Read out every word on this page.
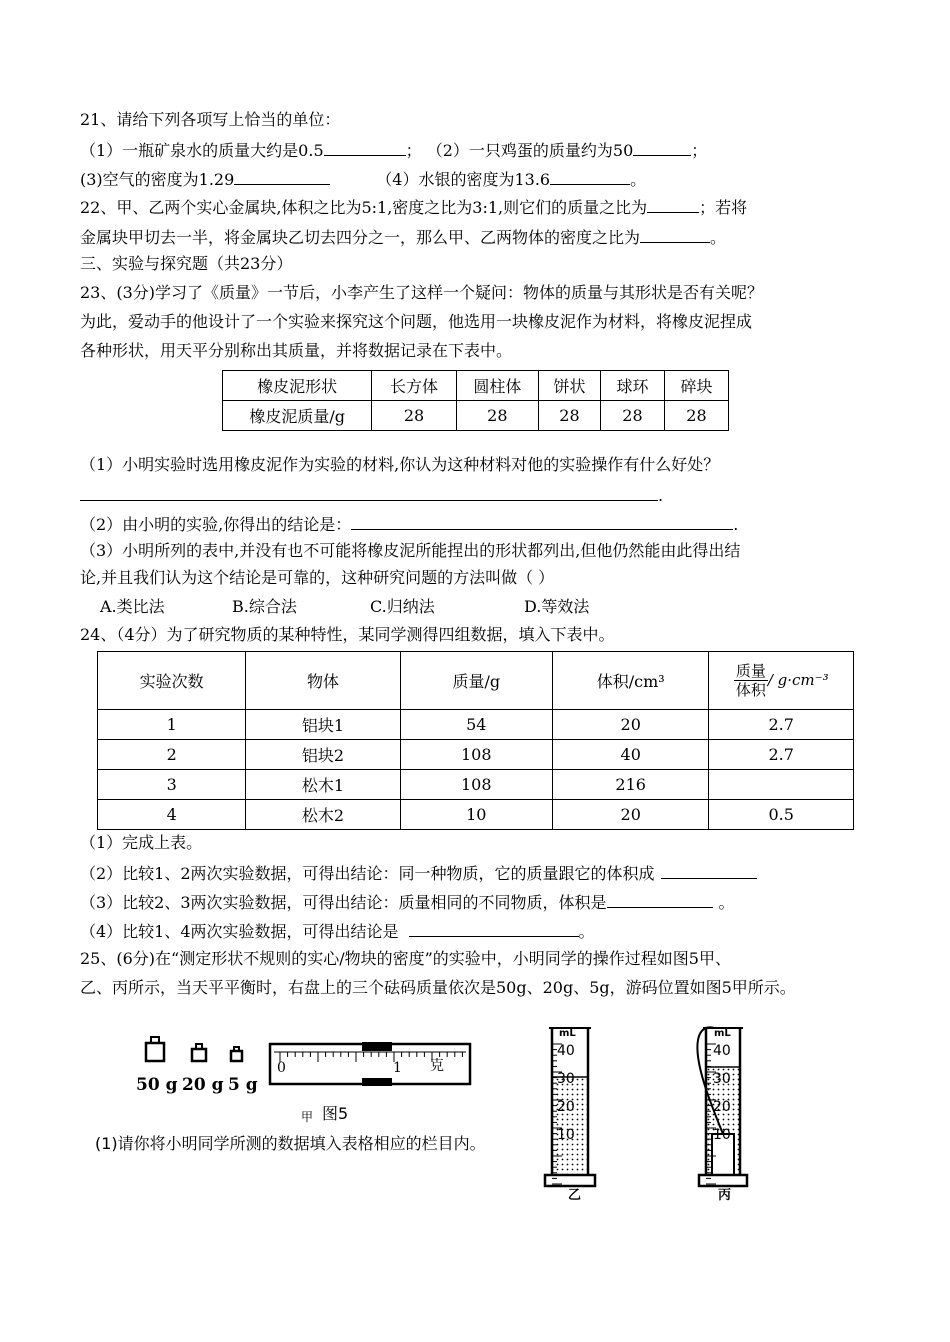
21、请给下列各项写上恰当的单位：
（1）一瓶矿泉水的质量大约是0.5	； （2）一只鸡蛋的质量约为50	；
(3)空气的密度为1.29	（4）水银的密度为13.6	。
22、甲、乙两个实心金属块,体积之比为5:1,密度之比为3:1,则它们的质量之比为	；若将
金属块甲切去一半，将金属块乙切去四分之一，那么甲、乙两物体的密度之比为	。
三、实验与探究题（共23分）
23、(3分)学习了《质量》一节后，小李产生了这样一个疑问：物体的质量与其形状是否有关呢？
为此，爱动手的他设计了一个实验来探究这个问题，他选用一块橡皮泥作为材料，将橡皮泥捏成
各种形状，用天平分别称出其质量，并将数据记录在下表中。
橡皮泥形状	长方体	圆柱体	饼状	球环	碎块
橡皮泥质量/g	28	28	28	28	28
（1）小明实验时选用橡皮泥作为实验的材料,你认为这种材料对他的实验操作有什么好处？
.
（2）由小明的实验,你得出的结论是：	.
（3）小明所列的表中,并没有也不可能将橡皮泥所能捏出的形状都列出,但他仍然能由此得出结
论,并且我们认为这个结论是可靠的，这种研究问题的方法叫做（ ）
A.类比法	B.综合法	C.归纳法	D.等效法
24、（4分）为了研究物质的某种特性，某同学测得四组数据，填入下表中。
实验次数	物体	质量/g	体积/cm³	$\frac{\text{质量}}{\text{体积}} / g\cdot cm^{-3}$
1	铝块1	54	20	2.7
2	铝块2	108	40	2.7
3	松木1	108	216	
4	松木2	10	20	0.5
（1）完成上表。
（2）比较1、2两次实验数据，可得出结论：同一种物质，它的质量跟它的体积成
（3）比较2、3两次实验数据，可得出结论：质量相同的不同物质，体积是	。
（4）比较1、4两次实验数据，可得出结论是	。
25、(6分)在“测定形状不规则的实心/物块的密度”的实验中，小明同学的操作过程如图5甲、
乙、丙所示，当天平平衡时，右盘上的三个砝码质量依次是50g、20g、5g，游码位置如图5甲所示。
50 g 20 g 5 g
0	1 克
甲 图5
(1)请你将小明同学所测的数据填入表格相应的栏目内。
mL
40
30
20
10
乙
mL
40
30
20
10
丙
